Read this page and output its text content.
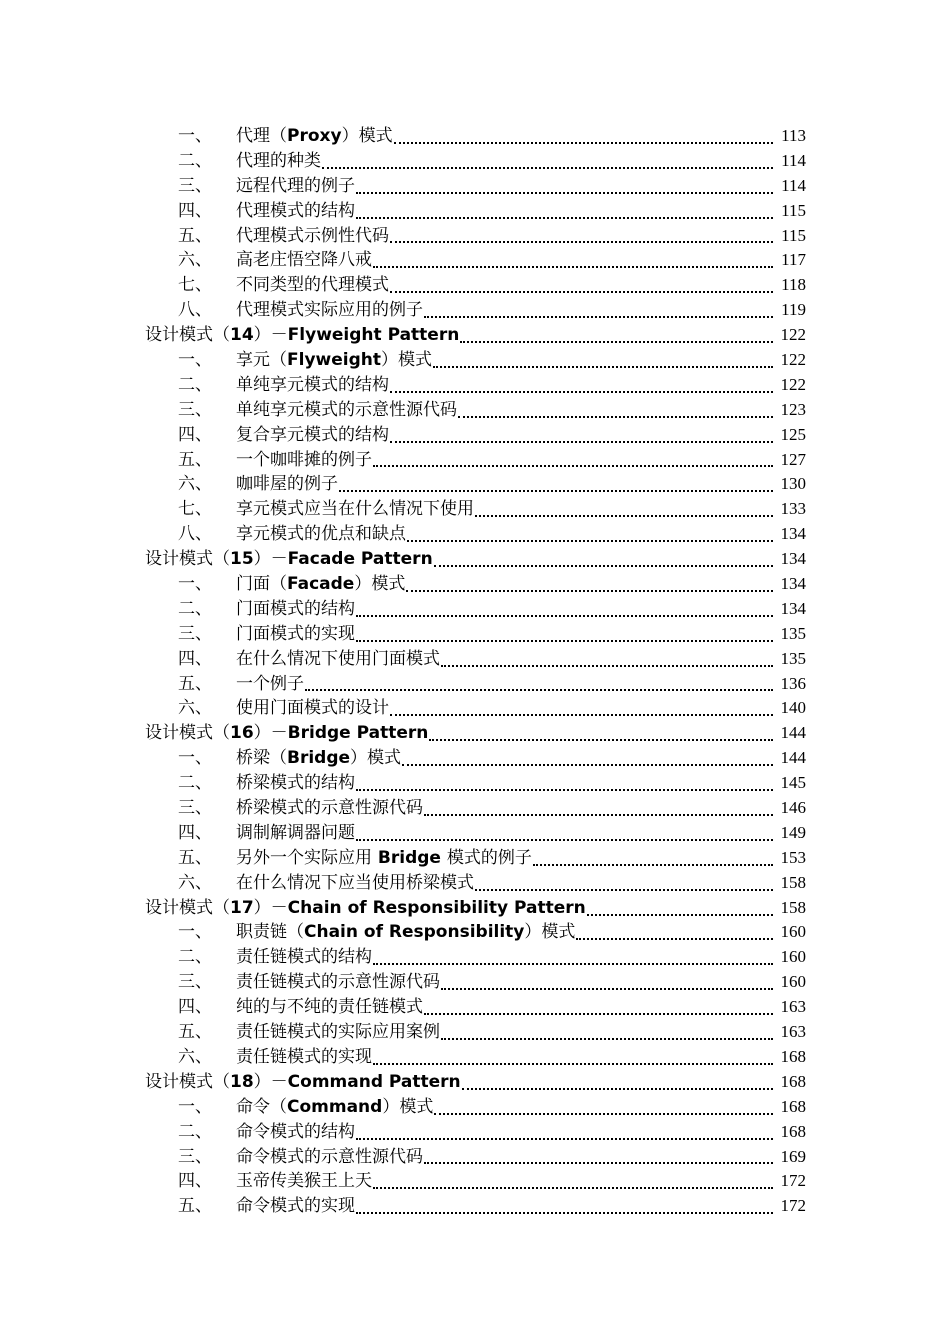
一、	代理（Proxy）模式	113
二、	代理的种类	114
三、	远程代理的例子	114
四、	代理模式的结构	115
五、	代理模式示例性代码	115
六、	高老庄悟空降八戒	117
七、	不同类型的代理模式	118
八、	代理模式实际应用的例子	119
设计模式（14）－Flyweight Pattern	122
一、	享元（Flyweight）模式	122
二、	单纯享元模式的结构	122
三、	单纯享元模式的示意性源代码	123
四、	复合享元模式的结构	125
五、	一个咖啡摊的例子	127
六、	咖啡屋的例子	130
七、	享元模式应当在什么情况下使用	133
八、	享元模式的优点和缺点	134
设计模式（15）－Facade Pattern	134
一、	门面（Facade）模式	134
二、	门面模式的结构	134
三、	门面模式的实现	135
四、	在什么情况下使用门面模式	135
五、	一个例子	136
六、	使用门面模式的设计	140
设计模式（16）－Bridge Pattern	144
一、	桥梁（Bridge）模式	144
二、	桥梁模式的结构	145
三、	桥梁模式的示意性源代码	146
四、	调制解调器问题	149
五、	另外一个实际应用 Bridge 模式的例子	153
六、	在什么情况下应当使用桥梁模式	158
设计模式（17）－Chain of Responsibility Pattern	158
一、	职责链（Chain of Responsibility）模式	160
二、	责任链模式的结构	160
三、	责任链模式的示意性源代码	160
四、	纯的与不纯的责任链模式	163
五、	责任链模式的实际应用案例	163
六、	责任链模式的实现	168
设计模式（18）－Command Pattern	168
一、	命令（Command）模式	168
二、	命令模式的结构	168
三、	命令模式的示意性源代码	169
四、	玉帝传美猴王上天	172
五、	命令模式的实现	172
